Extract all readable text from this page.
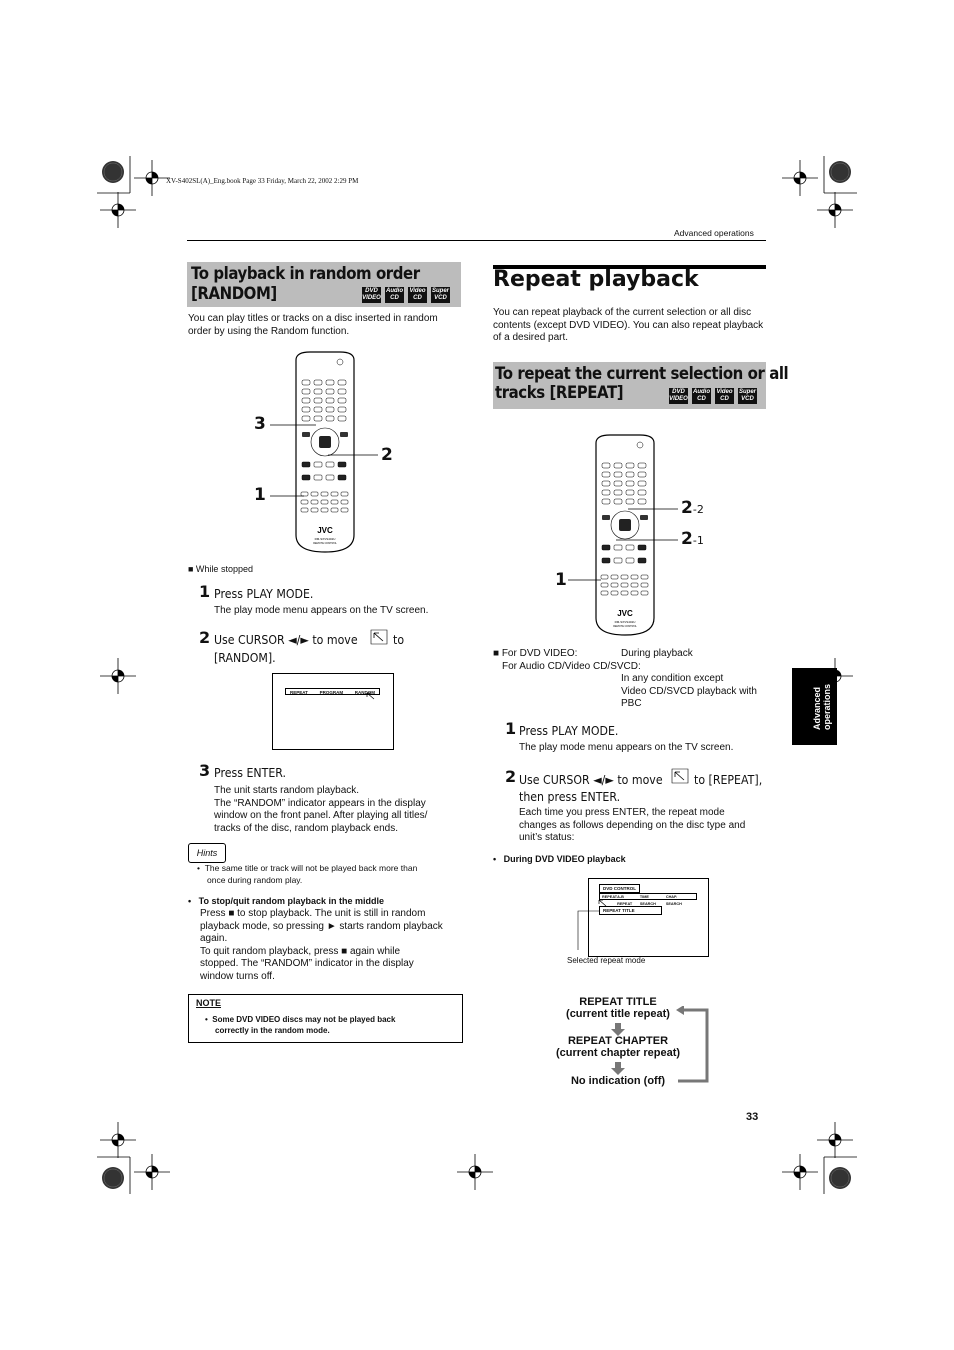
XV-S402SL(A)_Eng.book Page 33 Friday, March 22, 2002 2:29 PM
Advanced operations
To playback in random order
[RANDOM]	DVD VIDEO
Audio CD
Video CD
Super VCD
You can play titles or tracks on a disc inserted in random
order by using the Random function.
JVC
RM-SXVS402U
REMOTE CONTROL
3
2
1
■ While stopped
1 Press PLAY MODE.
The play mode menu appears on the TV screen.
2 Use CURSOR ◄/► to move	to
[RANDOM].
REPEAT	PROGRAM	RANDOM
3 Press ENTER.
The unit starts random playback.
The “RANDOM” indicator appears in the display
window on the front panel. After playing all titles/
tracks of the disc, random playback ends.
Hints
•  The same title or track will not be played back more than
once during random play.
•   To stop/quit random playback in the middle
Press ■ to stop playback. The unit is still in random
playback mode, so pressing ► starts random playback
again.
To quit random playback, press ■ again while
stopped. The “RANDOM” indicator in the display
window turns off.
NOTE
•  Some DVD VIDEO discs may not be played back
correctly in the random mode.
Repeat playback
You can repeat playback of the current selection or all disc
contents (except DVD VIDEO). You can also repeat playback
of a desired part.
To repeat the current selection or all
tracks [REPEAT]	DVD VIDEO
Audio CD
Video CD
Super VCD
JVC
RM-SXVS402U
REMOTE CONTROL
2-2
2-1
1
■ For DVD VIDEO:	During playback
For Audio CD/Video CD/SVCD:
In any condition except
Video CD/SVCD playback with
PBC
1 Press PLAY MODE.
The play mode menu appears on the TV screen.
2 Use CURSOR ◄/► to move	to [REPEAT],
then press ENTER.
Each time you press ENTER, the repeat mode
changes as follows depending on the disc type and
unit’s status:
•   During DVD VIDEO playback
DVD CONTROL
REPEAT A-B REPEAT
TIME SEARCH
CHAP. SEARCH
REPEAT TITLE
Selected repeat mode
REPEAT TITLE
(current title repeat)
REPEAT CHAPTER
(current chapter repeat)
No indication (off)
Advanced operations
33
